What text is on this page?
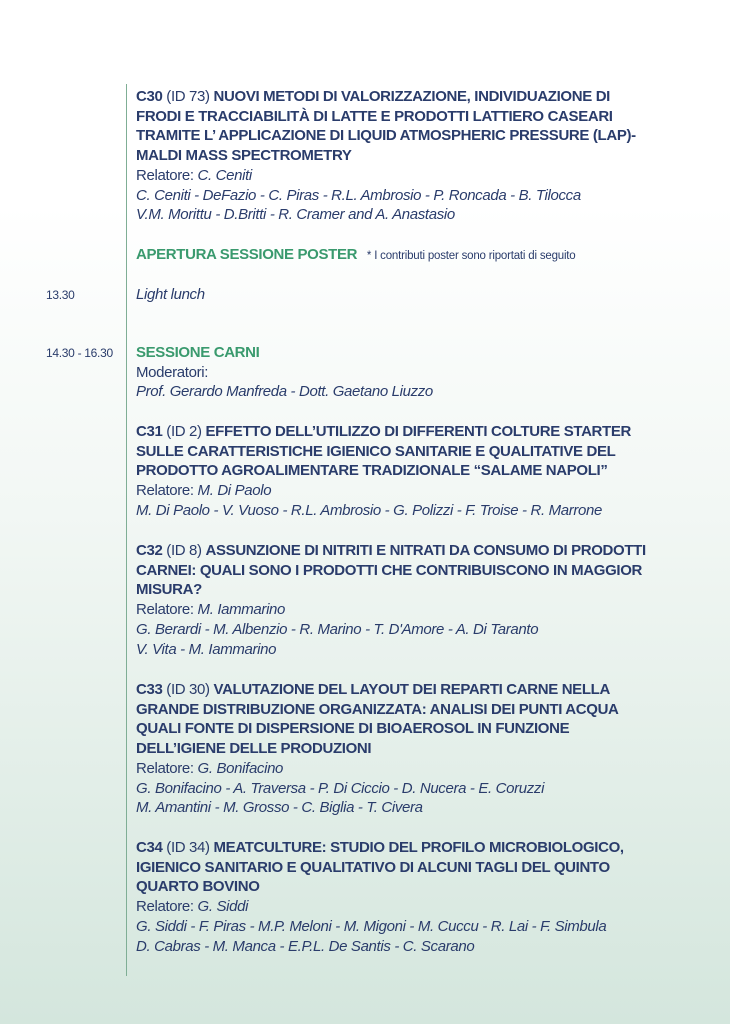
13.30
14.30 - 16.30
C30 (ID 73) NUOVI METODI DI VALORIZZAZIONE, INDIVIDUAZIONE DI
FRODI E TRACCIABILITÀ DI LATTE E PRODOTTI LATTIERO CASEARI
TRAMITE L’ APPLICAZIONE DI LIQUID ATMOSPHERIC PRESSURE (LAP)-
MALDI MASS SPECTROMETRY
Relatore: C. Ceniti
C. Ceniti - DeFazio - C. Piras - R.L. Ambrosio - P. Roncada - B. Tilocca
V.M. Morittu - D.Britti - R. Cramer and A. Anastasio
APERTURA SESSIONE POSTER * I contributi poster sono riportati di seguito
Light lunch
SESSIONE CARNI
Moderatori:
Prof. Gerardo Manfreda - Dott. Gaetano Liuzzo
C31 (ID 2) EFFETTO DELL’UTILIZZO DI DIFFERENTI COLTURE STARTER
SULLE CARATTERISTICHE IGIENICO SANITARIE E QUALITATIVE DEL
PRODOTTO AGROALIMENTARE TRADIZIONALE “SALAME NAPOLI”
Relatore: M. Di Paolo
M. Di Paolo - V. Vuoso - R.L. Ambrosio - G. Polizzi - F. Troise - R. Marrone
C32 (ID 8) ASSUNZIONE DI NITRITI E NITRATI DA CONSUMO DI PRODOTTI
CARNEI: QUALI SONO I PRODOTTI CHE CONTRIBUISCONO IN MAGGIOR
MISURA?
Relatore: M. Iammarino
G. Berardi - M. Albenzio - R. Marino - T. D'Amore - A. Di Taranto
V. Vita - M. Iammarino
C33 (ID 30) VALUTAZIONE DEL LAYOUT DEI REPARTI CARNE NELLA
GRANDE DISTRIBUZIONE ORGANIZZATA: ANALISI DEI PUNTI ACQUA
QUALI FONTE DI DISPERSIONE DI BIOAEROSOL IN FUNZIONE
DELL’IGIENE DELLE PRODUZIONI
Relatore: G. Bonifacino
G. Bonifacino - A. Traversa - P. Di Ciccio - D. Nucera - E. Coruzzi
M. Amantini - M. Grosso - C. Biglia - T. Civera
C34 (ID 34) MEATCULTURE: STUDIO DEL PROFILO MICROBIOLOGICO,
IGIENICO SANITARIO E QUALITATIVO DI ALCUNI TAGLI DEL QUINTO
QUARTO BOVINO
Relatore: G. Siddi
G. Siddi - F. Piras - M.P. Meloni - M. Migoni - M. Cuccu - R. Lai - F. Simbula
D. Cabras - M. Manca - E.P.L. De Santis - C. Scarano
